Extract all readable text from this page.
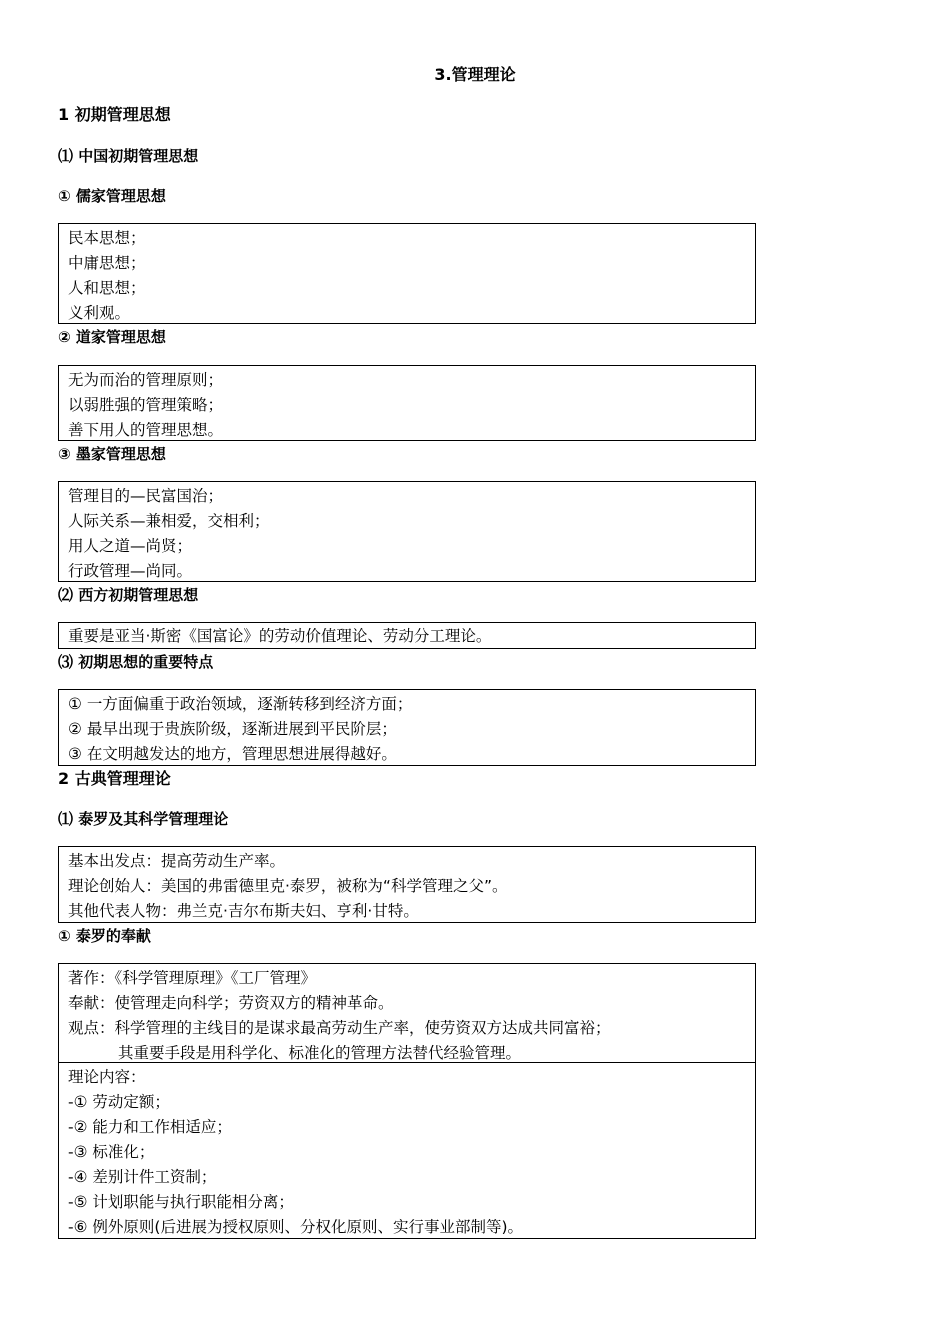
3.管理理论
1 初期管理思想
⑴ 中国初期管理思想
① 儒家管理思想
民本思想；
中庸思想；
人和思想；
义利观。
② 道家管理思想
无为而治的管理原则；
以弱胜强的管理策略；
善下用人的管理思想。
③ 墨家管理思想
管理目的—民富国治；
人际关系—兼相爱，交相利；
用人之道—尚贤；
行政管理—尚同。
⑵ 西方初期管理思想
重要是亚当·斯密《国富论》的劳动价值理论、劳动分工理论。
⑶ 初期思想的重要特点
① 一方面偏重于政治领域，逐渐转移到经济方面；
② 最早出现于贵族阶级，逐渐进展到平民阶层；
③ 在文明越发达的地方，管理思想进展得越好。
2 古典管理理论
⑴ 泰罗及其科学管理理论
基本出发点：提高劳动生产率。
理论创始人：美国的弗雷德里克·泰罗，被称为“科学管理之父”。
其他代表人物：弗兰克·吉尔布斯夫妇、亨利·甘特。
① 泰罗的奉献
著作：《科学管理原理》《工厂管理》
奉献：使管理走向科学；劳资双方的精神革命。
观点：科学管理的主线目的是谋求最高劳动生产率，使劳资双方达成共同富裕；
其重要手段是用科学化、标准化的管理方法替代经验管理。
理论内容：
-① 劳动定额；
-② 能力和工作相适应；
-③ 标准化；
-④ 差别计件工资制；
-⑤ 计划职能与执行职能相分离；
-⑥ 例外原则(后进展为授权原则、分权化原则、实行事业部制等)。
